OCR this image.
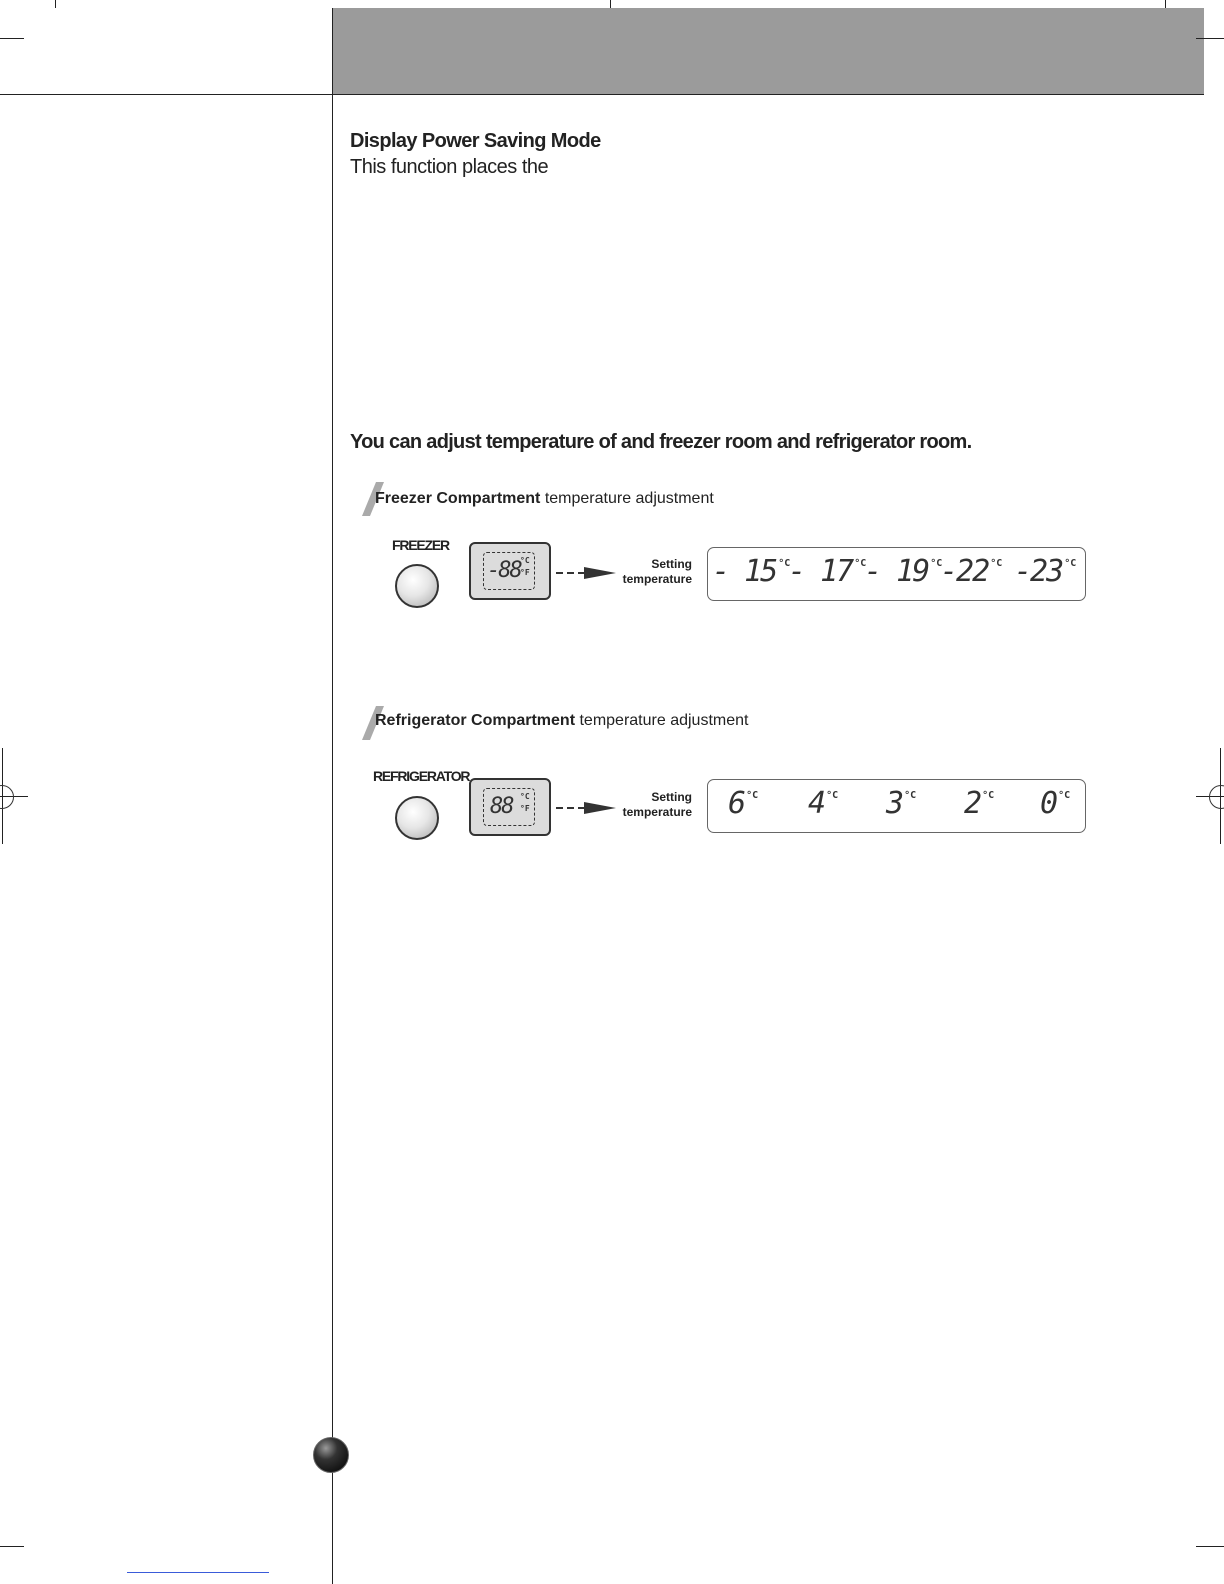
Display Power Saving Mode
This function places the
You can adjust temperature of and freezer room and refrigerator room.
Freezer Compartment temperature adjustment
FREEZER
-88 °C
°F
Setting
temperature - 15 $^{^\circ C}$
- 17 $^{^\circ C}$
- 19 $^{^\circ C}$
-22 $^{^\circ C}$ -23 $^{^\circ C}$
Refrigerator Compartment temperature adjustment
REFRIGERATOR
88 °C
°F
Setting
temperature 6 $^{^\circ C}$ 4 $^{^\circ C}$ 3 $^{^\circ C}$ 2 $^{^\circ C}$ 0 $^{^\circ C}$
